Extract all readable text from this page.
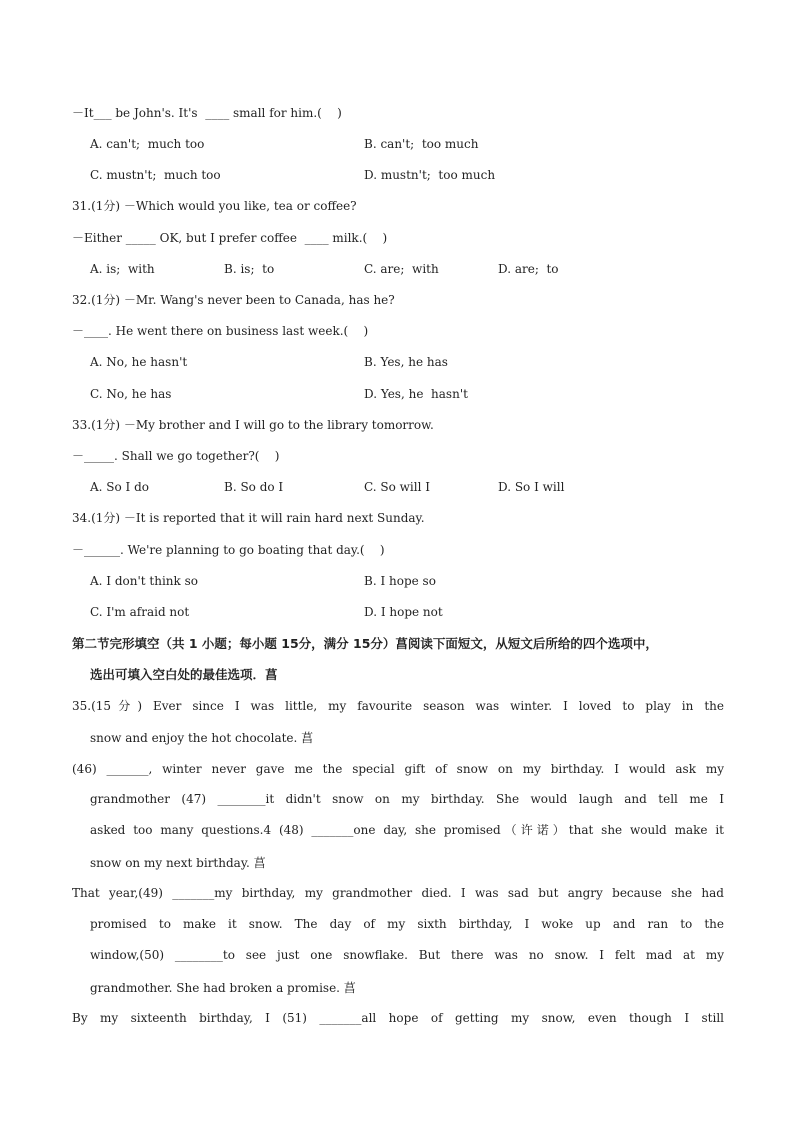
－It___ be John's. It's  ____ small for him.(    )
A. can't;  much too	B. can't;  too much
C. mustn't;  much too	D. mustn't;  too much
31.(1分) －Which would you like, tea or coffee?
－Either _____ OK, but I prefer coffee  ____ milk.(    )
A. is;  with	B. is;  to	C. are;  with	D. are;  to
32.(1分) －Mr. Wang's never been to Canada, has he?
－____. He went there on business last week.(    )
A. No, he hasn't	B. Yes, he has
C. No, he has	D. Yes, he  hasn't
33.(1分) －My brother and I will go to the library tomorrow.
－_____. Shall we go together?(    )
A. So I do	B. So do I	C. So will I	D. So I will
34.(1分) －It is reported that it will rain hard next Sunday.
－______. We're planning to go boating that day.(    )
A. I don't think so	B. I hope so
C. I'm afraid not	D. I hope not
第二节完形填空（共 1 小题；每小题 15分，满分 15分）菖阅读下面短文，从短文后所给的四个选项中，
选出可填入空白处的最佳选项．菖
35.(15分) Ever since I was little, my favourite season was winter. I loved to play in the
snow and enjoy the hot chocolate. 菖
(46) _______, winter never gave me the special gift of snow on my birthday. I would ask my
grandmother (47) ________it didn't snow on my birthday. She would laugh and tell me I
asked too many questions.4 (48) _______one day, she promised（许诺）that she would make it
snow on my next birthday. 菖
That year,(49) _______my birthday, my grandmother died. I was sad but angry because she had
promised to make it snow. The day of my sixth birthday, I woke up and ran to the
window,(50) ________to see just one snowflake. But there was no snow. I felt mad at my
grandmother. She had broken a promise. 菖
By my sixteenth birthday, I (51) _______all hope of getting my snow, even though I still
